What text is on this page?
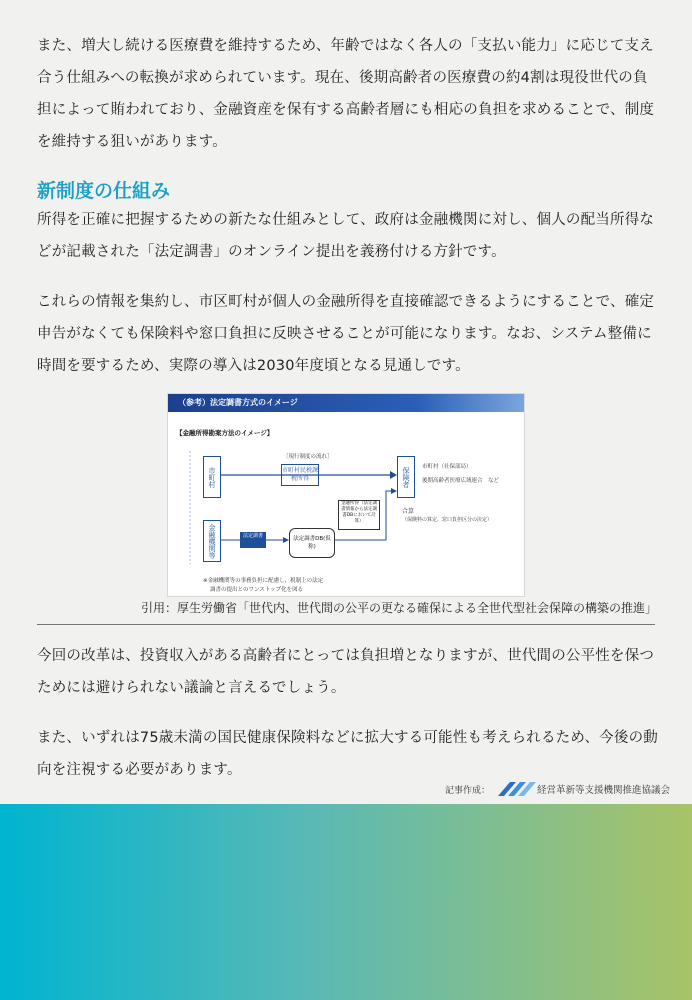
また、増大し続ける医療費を維持するため、年齢ではなく各人の「支払い能力」に応じて支え合う仕組みへの転換が求められています。現在、後期高齢者の医療費の約4割は現役世代の負担によって賄われており、金融資産を保有する高齢者層にも相応の負担を求めることで、制度を維持する狙いがあります。

新制度の仕組み

所得を正確に把握するための新たな仕組みとして、政府は金融機関に対し、個人の配当所得などが記載された「法定調書」のオンライン提出を義務付ける方針です。

これらの情報を集約し、市区町村が個人の金融所得を直接確認できるようにすることで、確定申告がなくても保険料や窓口負担に反映させることが可能になります。なお、システム整備に時間を要するため、実際の導入は2030年度頃となる見通しです。

（参考）法定調書方式のイメージ
【金融所得勘案方法のイメージ】
［現行制度の流れ］
市町村	市町村民税課税所得	保険者 市町村（社保部局）
後期高齢者医療広域連合　など
金融機関等	法定調書	法定調書DB(仮称)
金融所得（法定調書情報から法定調書DBにおいて計算）
合算
（保険料の算定、窓口負担区分の決定）
※金融機関等の事務負担に配慮し、税制上の法定
調書の提出とのワンストップ化を図る

引用：厚生労働省「世代内、世代間の公平の更なる確保による全世代型社会保障の構築の推進」

今回の改革は、投資収入がある高齢者にとっては負担増となりますが、世代間の公平性を保つためには避けられない議論と言えるでしょう。

また、いずれは75歳未満の国民健康保険料などに拡大する可能性も考えられるため、今後の動向を注視する必要があります。

記事作成：	経営革新等支援機関推進協議会
